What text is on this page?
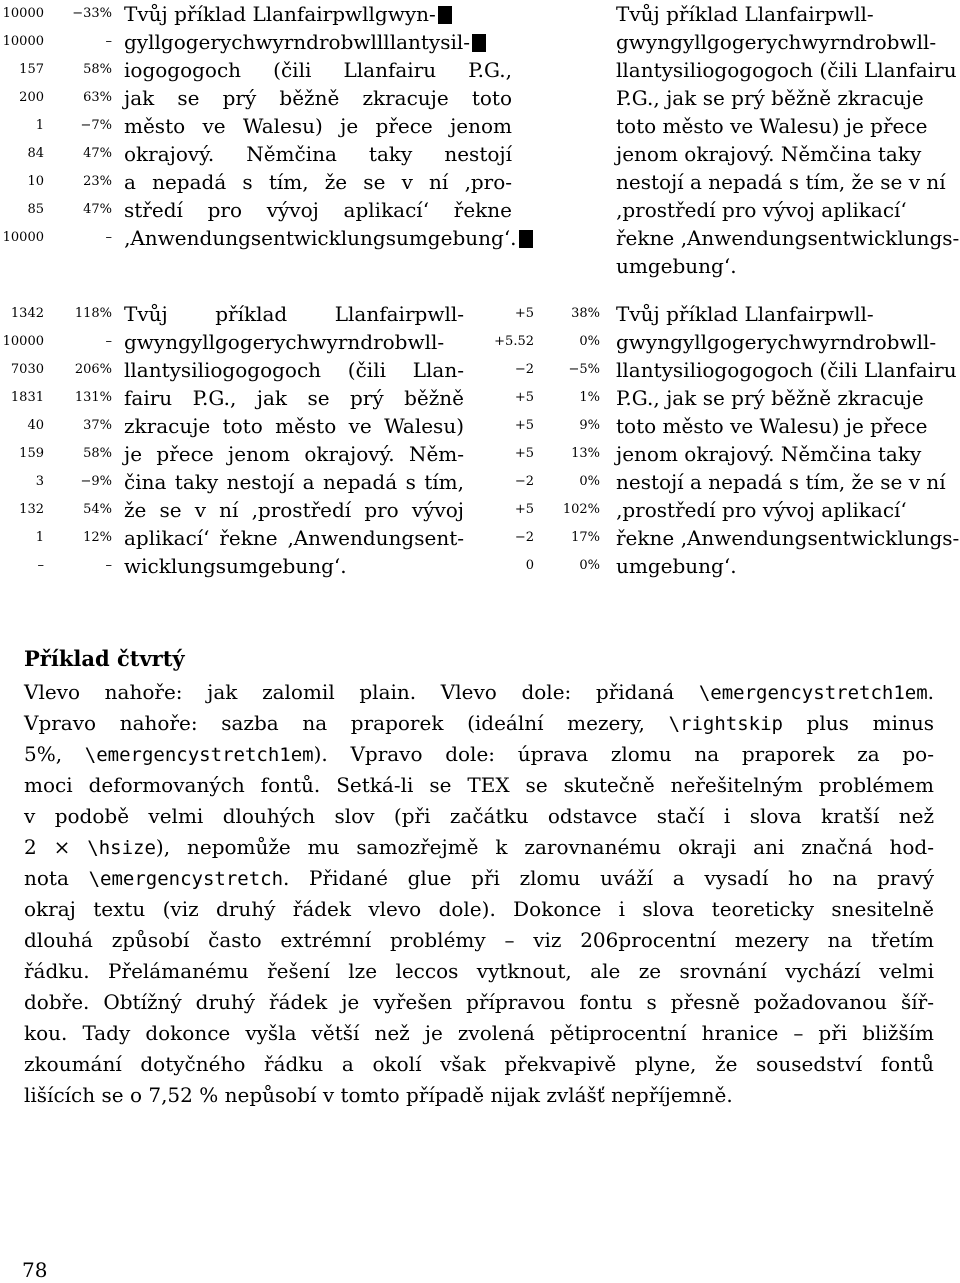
10000	−33% Tvůj příklad Llanfairpwllgwyn-
10000	– gyllgogerychwyrndrobwllllantysil-
157	58% iogogogoch (čili Llanfairu P.G.,
200	63% jak se prý běžně zkracuje toto
1	−7% město ve Walesu) je přece jenom
84	47% okrajový. Němčina taky nestojí
10	23% a nepadá s tím, že se v ní ‚pro-
85	47% středí pro vývoj aplikací‘ řekne
10000	– ‚Anwendungsentwicklungsumgebung‘.
Tvůj příklad Llanfairpwll-
gwyngyllgogerychwyrndrobwll-
llantysiliogogogoch (čili Llanfairu
P.G., jak se prý běžně zkracuje
toto město ve Walesu) je přece
jenom okrajový. Němčina taky
nestojí a nepadá s tím, že se v ní
‚prostředí pro vývoj aplikací‘
řekne ‚Anwendungsentwicklungs-
umgebung‘.
1342	118% Tvůj příklad Llanfairpwll-
10000	– gwyngyllgogerychwyrndrobwll-
7030	206% llantysiliogogogoch (čili Llan-
1831	131% fairu P.G., jak se prý běžně
40	37% zkracuje toto město ve Walesu)
159	58% je přece jenom okrajový. Něm-
3	−9% čina taky nestojí a nepadá s tím,
132	54% že se v ní ‚prostředí pro vývoj
1	12% aplikací‘ řekne ‚Anwendungsent-
–	– wicklungsumgebung‘.
+5	38% Tvůj příklad Llanfairpwll-
+5.52	0% gwyngyllgogerychwyrndrobwll-
−2	−5% llantysiliogogogoch (čili Llanfairu
+5	1% P.G., jak se prý běžně zkracuje
+5	9% toto město ve Walesu) je přece
+5	13% jenom okrajový. Němčina taky
−2	0% nestojí a nepadá s tím, že se v ní
+5	102% ‚prostředí pro vývoj aplikací‘
−2	17% řekne ‚Anwendungsentwicklungs-
0	0% umgebung‘.
Příklad čtvrtý
Vlevo nahoře: jak zalomil plain. Vlevo dole: přidaná \emergencystretch1em.
Vpravo nahoře: sazba na praporek (ideální mezery, \rightskip plus minus
5%, \emergencystretch1em). Vpravo dole: úprava zlomu na praporek za po-
moci deformovaných fontů. Setká-li se TEX se skutečně neřešitelným problémem
v podobě velmi dlouhých slov (při začátku odstavce stačí i slova kratší než
2 × \hsize), nepomůže mu samozřejmě k zarovnanému okraji ani značná hod-
nota \emergencystretch. Přidané glue při zlomu uváží a vysadí ho na pravý
okraj textu (viz druhý řádek vlevo dole). Dokonce i slova teoreticky snesitelně
dlouhá způsobí často extrémní problémy – viz 206procentní mezery na třetím
řádku. Přelámanému řešení lze leccos vytknout, ale ze srovnání vychází velmi
dobře. Obtížný druhý řádek je vyřešen přípravou fontu s přesně požadovanou šíř-
kou. Tady dokonce vyšla větší než je zvolená pětiprocentní hranice – při bližším
zkoumání dotyčného řádku a okolí však překvapivě plyne, že sousedství fontů
lišících se o 7,52 % nepůsobí v tomto případě nijak zvlášť nepříjemně.
78
